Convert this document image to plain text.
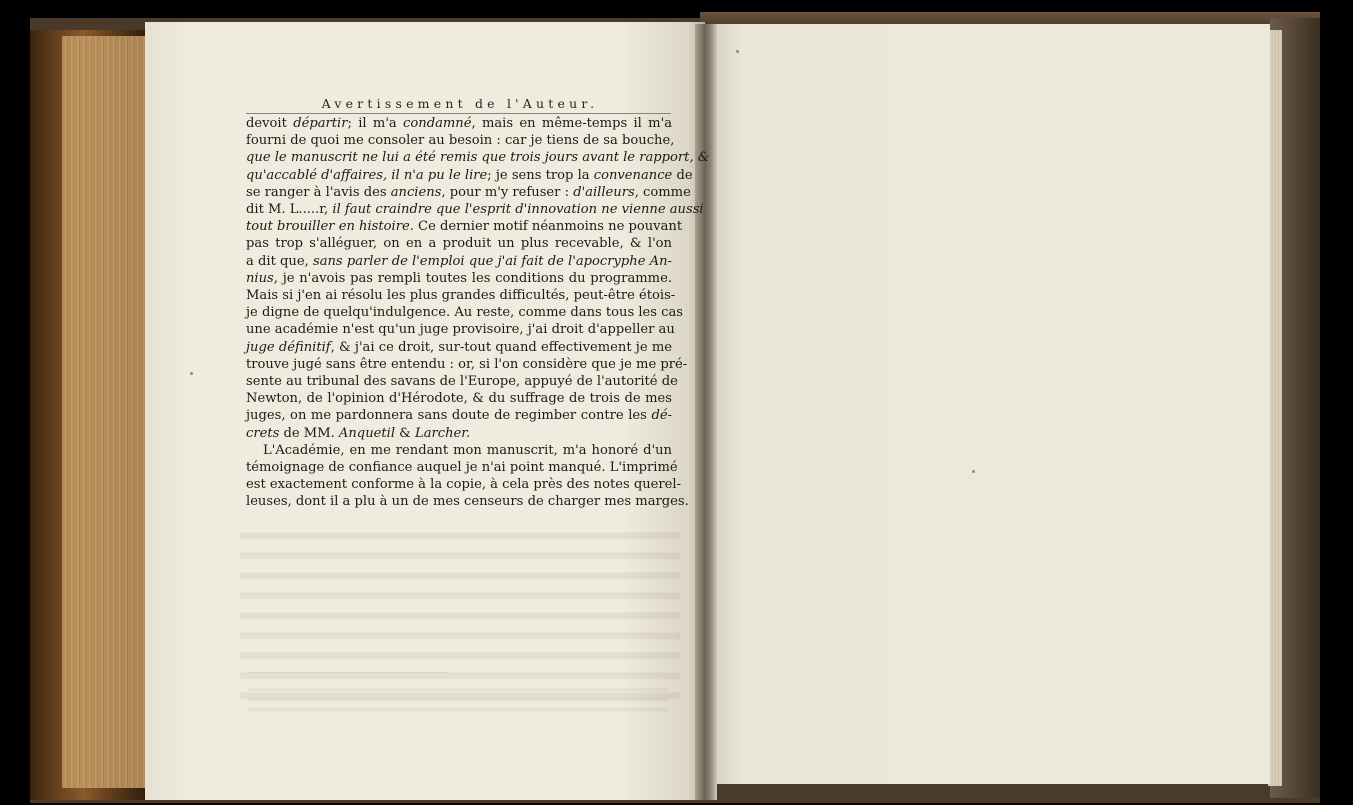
Avertissement de l'Auteur.
devoit départir; il m'a condamné, mais en même-temps il m'a
fourni de quoi me consoler au besoin : car je tiens de sa bouche,
que le manuscrit ne lui a été remis que trois jours avant le rapport, &
qu'accablé d'affaires, il n'a pu le lire; je sens trop la convenance de
se ranger à l'avis des anciens, pour m'y refuser : d'ailleurs, comme
dit M. L.....r, il faut craindre que l'esprit d'innovation ne vienne aussi
tout brouiller en histoire. Ce dernier motif néanmoins ne pouvant
pas trop s'alléguer, on en a produit un plus recevable, & l'on
a dit que, sans parler de l'emploi que j'ai fait de l'apocryphe An-
nius, je n'avois pas rempli toutes les conditions du programme.
Mais si j'en ai résolu les plus grandes difficultés, peut-être étois-
je digne de quelqu'indulgence. Au reste, comme dans tous les cas
une académie n'est qu'un juge provisoire, j'ai droit d'appeller au
juge définitif, & j'ai ce droit, sur-tout quand effectivement je me
trouve jugé sans être entendu : or, si l'on considère que je me pré-
sente au tribunal des savans de l'Europe, appuyé de l'autorité de
Newton, de l'opinion d'Hérodote, & du suffrage de trois de mes
juges, on me pardonnera sans doute de regimber contre les dé-
crets de MM. Anquetil & Larcher.
L'Académie, en me rendant mon manuscrit, m'a honoré d'un
témoignage de confiance auquel je n'ai point manqué. L'imprimé
est exactement conforme à la copie, à cela près des notes querel-
leuses, dont il a plu à un de mes censeurs de charger mes marges.
